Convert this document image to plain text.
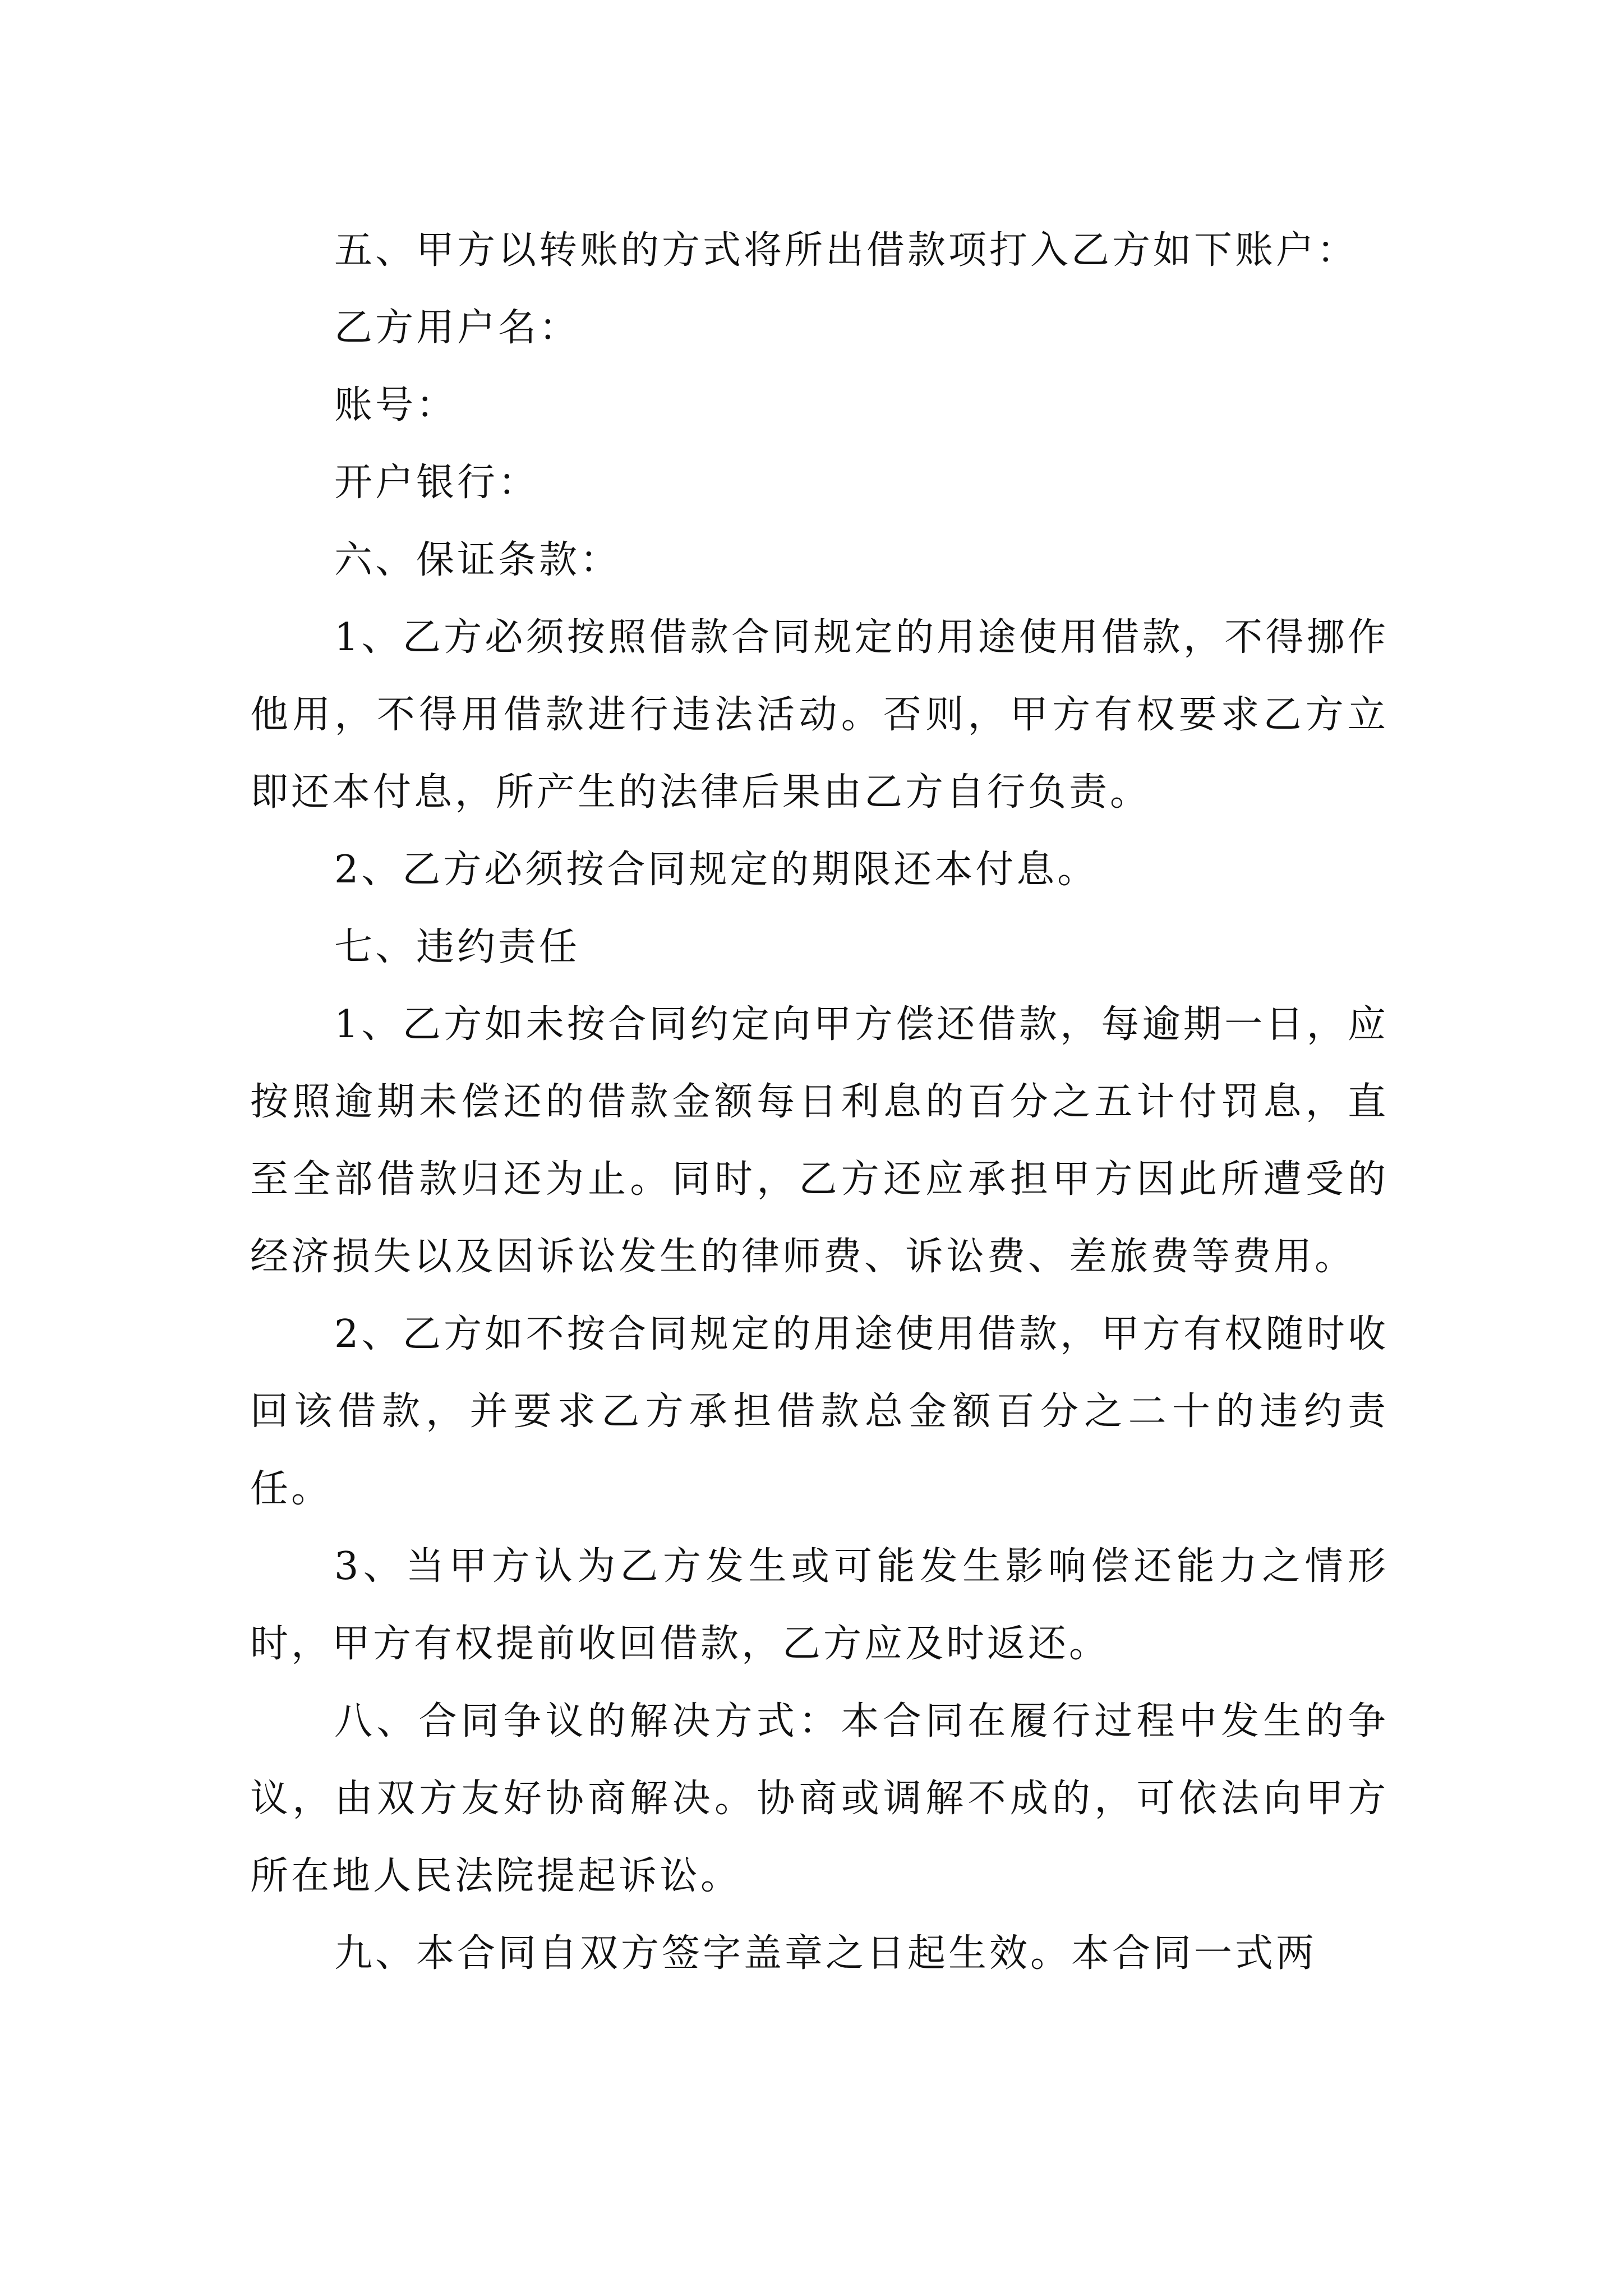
五、甲方以转账的方式将所出借款项打入乙方如下账户：

乙方用户名：

账号：

开户银行：

六、保证条款：

1、乙方必须按照借款合同规定的用途使用借款，不得挪作他用，不得用借款进行违法活动。否则，甲方有权要求乙方立即还本付息，所产生的法律后果由乙方自行负责。

2、乙方必须按合同规定的期限还本付息。

七、违约责任

1、乙方如未按合同约定向甲方偿还借款，每逾期一日，应按照逾期未偿还的借款金额每日利息的百分之五计付罚息，直至全部借款归还为止。同时，乙方还应承担甲方因此所遭受的经济损失以及因诉讼发生的律师费、诉讼费、差旅费等费用。

2、乙方如不按合同规定的用途使用借款，甲方有权随时收回该借款，并要求乙方承担借款总金额百分之二十的违约责任。

3、当甲方认为乙方发生或可能发生影响偿还能力之情形时，甲方有权提前收回借款，乙方应及时返还。

八、合同争议的解决方式：本合同在履行过程中发生的争议，由双方友好协商解决。协商或调解不成的，可依法向甲方所在地人民法院提起诉讼。

九、本合同自双方签字盖章之日起生效。本合同一式两
